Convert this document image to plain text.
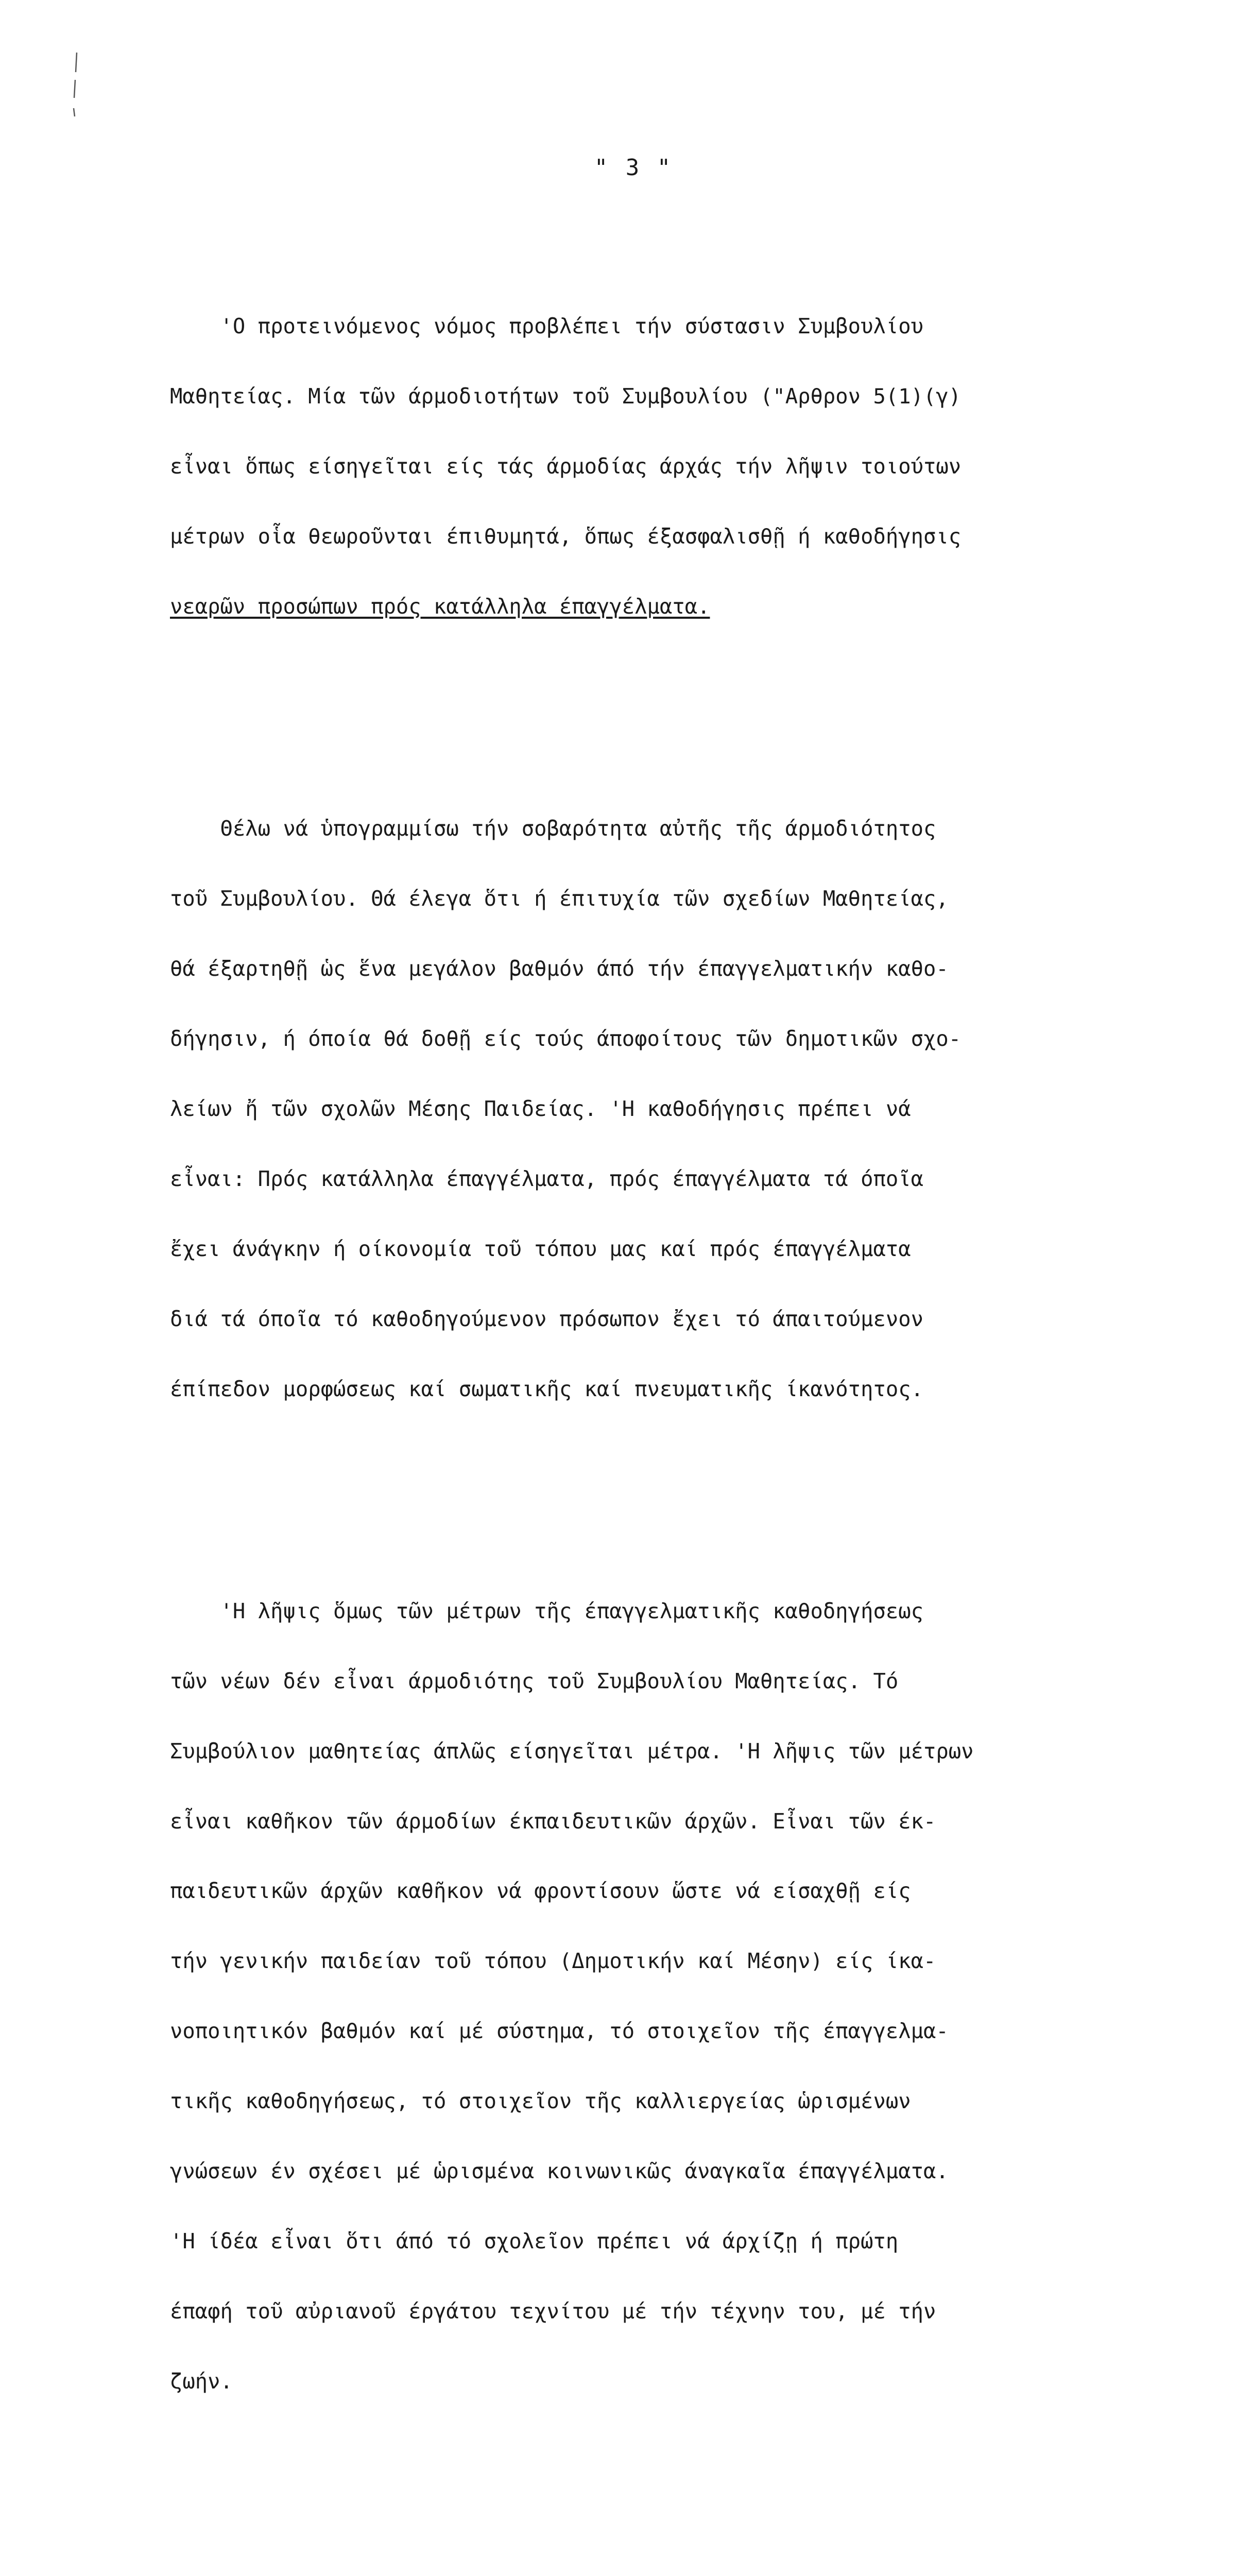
" 3 "

'Ο προτεινόμενος νόμος προβλέπει τήν σύστασιν Συμβουλίου

Μαθητείας. Μία τῶν άρμοδιοτήτων τοῦ Συμβουλίου ("Αρθρον 5(1)(γ)

εἶναι ὅπως είσηγεῖται είς τάς άρμοδίας άρχάς τήν λῆψιν τοιούτων

μέτρων οἷα θεωροῦνται έπιθυμητά, ὅπως έξασφαλισθῇ ή καθοδήγησις

νεαρῶν προσώπων πρός κατάλληλα έπαγγέλματα.

Θέλω νά ὑπογραμμίσω τήν σοβαρότητα αὐτῆς τῆς άρμοδιότητος

τοῦ Συμβουλίου. Θά έλεγα ὅτι ή έπιτυχία τῶν σχεδίων Μαθητείας,

θά έξαρτηθῇ ὡς ἕνα μεγάλον βαθμόν άπό τήν έπαγγελματικήν καθο-

δήγησιν, ή όποία θά δοθῇ είς τούς άποφοίτους τῶν δημοτικῶν σχο-

λείων ἤ τῶν σχολῶν Μέσης Παιδείας. 'Η καθοδήγησις πρέπει νά

εἶναι: Πρός κατάλληλα έπαγγέλματα, πρός έπαγγέλματα τά όποῖα

ἔχει άνάγκην ή οίκονομία τοῦ τόπου μας καί πρός έπαγγέλματα

διά τά όποῖα τό καθοδηγούμενον πρόσωπον ἔχει τό άπαιτούμενον

έπίπεδον μορφώσεως καί σωματικῆς καί πνευματικῆς ίκανότητος.

'Η λῆψις ὅμως τῶν μέτρων τῆς έπαγγελματικῆς καθοδηγήσεως

τῶν νέων δέν εἶναι άρμοδιότης τοῦ Συμβουλίου Μαθητείας. Τό

Συμβούλιον μαθητείας άπλῶς είσηγεῖται μέτρα. 'Η λῆψις τῶν μέτρων

εἶναι καθῆκον τῶν άρμοδίων έκπαιδευτικῶν άρχῶν. Εἶναι τῶν έκ-

παιδευτικῶν άρχῶν καθῆκον νά φροντίσουν ὥστε νά είσαχθῇ είς

τήν γενικήν παιδείαν τοῦ τόπου (Δημοτικήν καί Μέσην) είς ίκα-

νοποιητικόν βαθμόν καί μέ σύστημα, τό στοιχεῖον τῆς έπαγγελμα-

τικῆς καθοδηγήσεως, τό στοιχεῖον τῆς καλλιεργείας ὡρισμένων

γνώσεων έν σχέσει μέ ὡρισμένα κοινωνικῶς άναγκαῖα έπαγγέλματα.

'Η ίδέα εἶναι ὅτι άπό τό σχολεῖον πρέπει νά άρχίζῃ ή πρώτη

έπαφή τοῦ αὐριανοῦ έργάτου τεχνίτου μέ τήν τέχνην του, μέ τήν

ζωήν.
